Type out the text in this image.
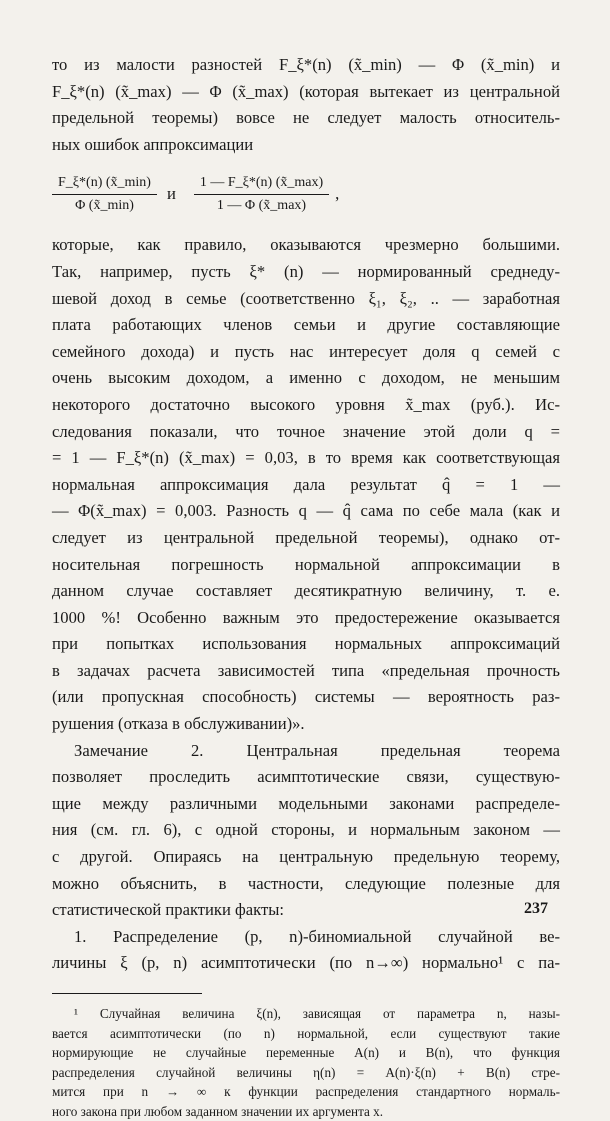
то из малости разностей F_ξ*(n) (x̃_min) — Φ (x̃_min) и
F_ξ*(n) (x̃_max) — Φ (x̃_max) (которая вытекает из центральной
предельной теоремы) вовсе не следует малость относитель-
ных ошибок аппроксимации
$\frac{F\_\xi*(n) (x̃\_\min)}{\Phi (x̃\_\min)}$ и $\frac{1 — F\_\xi*(n) (x̃\_\max)}{1 — \Phi (x̃\_\max)}$ ,
которые, как правило, оказываются чрезмерно большими.
Так, например, пусть ξ* (n) — нормированный среднеду-
шевой доход в семье (соответственно ξ₁, ξ₂, .. — заработная
плата работающих членов семьи и другие составляющие
семейного дохода) и пусть нас интересует доля q семей с
очень высоким доходом, а именно с доходом, не меньшим
некоторого достаточно высокого уровня x̃_max (руб.). Ис-
следования показали, что точное значение этой доли q =
= 1 — F_ξ*(n) (x̃_max) = 0,03, в то время как соответствующая
нормальная аппроксимация дала результат q̂ = 1 —
— Φ(x̃_max) = 0,003. Разность q — q̂ сама по себе мала (как и
следует из центральной предельной теоремы), однако от-
носительная погрешность нормальной аппроксимации в
данном случае составляет десятикратную величину, т. е.
1000 %! Особенно важным это предостережение оказывается
при попытках использования нормальных аппроксимаций
в задачах расчета зависимостей типа «предельная прочность
(или пропускная способность) системы — вероятность раз-
рушения (отказа в обслуживании)».
Замечание 2. Центральная предельная теорема
позволяет проследить асимптотические связи, существую-
щие между различными модельными законами распределе-
ния (см. гл. 6), с одной стороны, и нормальным законом —
с другой. Опираясь на центральную предельную теорему,
можно объяснить, в частности, следующие полезные для
статистической практики факты:
1. Распределение (p, n)-биномиальной случайной ве-
личины ξ (p, n) асимптотически (по n→∞) нормально¹ с па-
¹ Случайная величина ξ(n), зависящая от параметра n, назы-
вается асимптотически (по n) нормальной, если существуют такие
нормирующие не случайные переменные A(n) и B(n), что функция
распределения случайной величины η(n) = A(n)·ξ(n) + B(n) стре-
мится при n → ∞ к функции распределения стандартного нормаль-
ного закона при любом заданном значении их аргумента x.
237
